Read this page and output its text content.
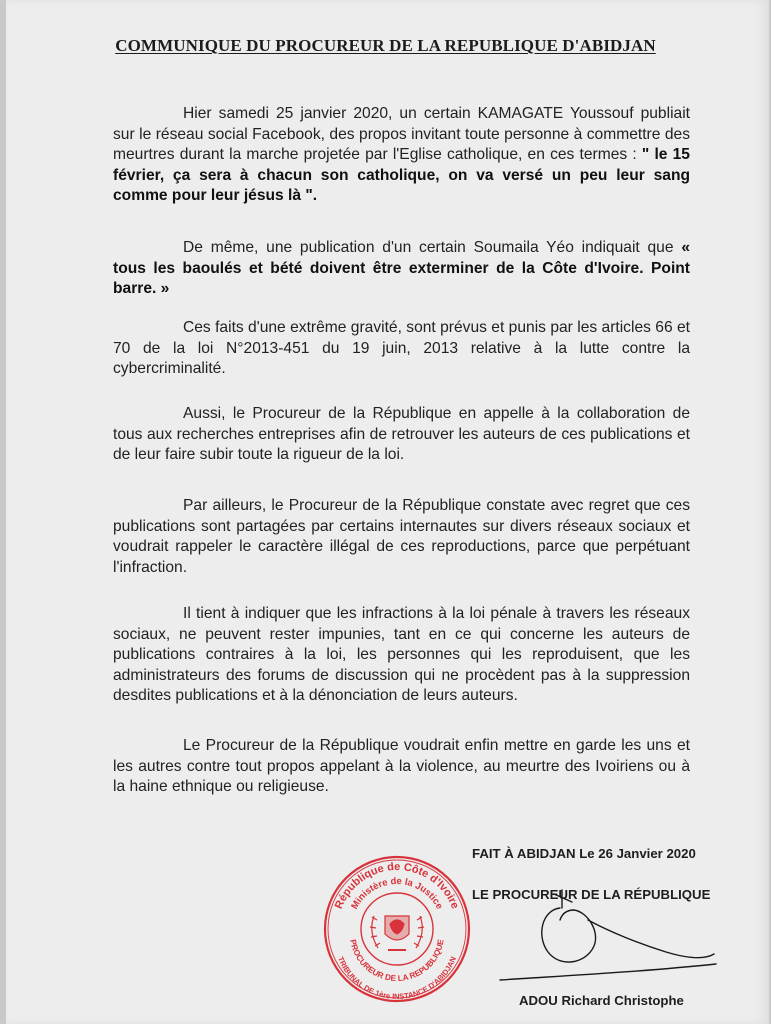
COMMUNIQUE DU PROCUREUR DE LA REPUBLIQUE D'ABIDJAN
Hier samedi 25 janvier 2020, un certain KAMAGATE Youssouf publiait sur le réseau social Facebook, des propos invitant toute personne à commettre des meurtres durant la marche projetée par l'Eglise catholique, en ces termes : " le 15 février, ça sera à chacun son catholique, on va versé un peu leur sang comme pour leur jésus là ".
De même, une publication d'un certain Soumaila Yéo indiquait que « tous les baoulés et bété doivent être exterminer de la Côte d'Ivoire. Point barre. »
Ces faits d'une extrême gravité, sont prévus et punis par les articles 66 et 70 de la loi N°2013-451 du 19 juin, 2013 relative à la lutte contre la cybercriminalité.
Aussi, le Procureur de la République en appelle à la collaboration de tous aux recherches entreprises afin de retrouver les auteurs de ces publications et de leur faire subir toute la rigueur de la loi.
Par ailleurs, le Procureur de la République constate avec regret que ces publications sont partagées par certains internautes sur divers réseaux sociaux et voudrait rappeler le caractère illégal de ces reproductions, parce que perpétuant l'infraction.
Il tient à indiquer que les infractions à la loi pénale à travers les réseaux sociaux, ne peuvent rester impunies, tant en ce qui concerne les auteurs de publications contraires à la loi, les personnes qui les reproduisent, que les administrateurs des forums de discussion qui ne procèdent pas à la suppression desdites publications et à la dénonciation de leurs auteurs.
Le Procureur de la République voudrait enfin mettre en garde les uns et les autres contre tout propos appelant à la violence, au meurtre des Ivoiriens ou à la haine ethnique ou religieuse.
FAIT À ABIDJAN Le 26 Janvier 2020
LE PROCUREUR DE LA RÉPUBLIQUE
République de Côte d'Ivoire
Ministère de la Justice
PROCUREUR DE LA REPUBLIQUE
TRIBUNAL DE 1ère INSTANCE D'ABIDJAN
ADOU Richard Christophe
